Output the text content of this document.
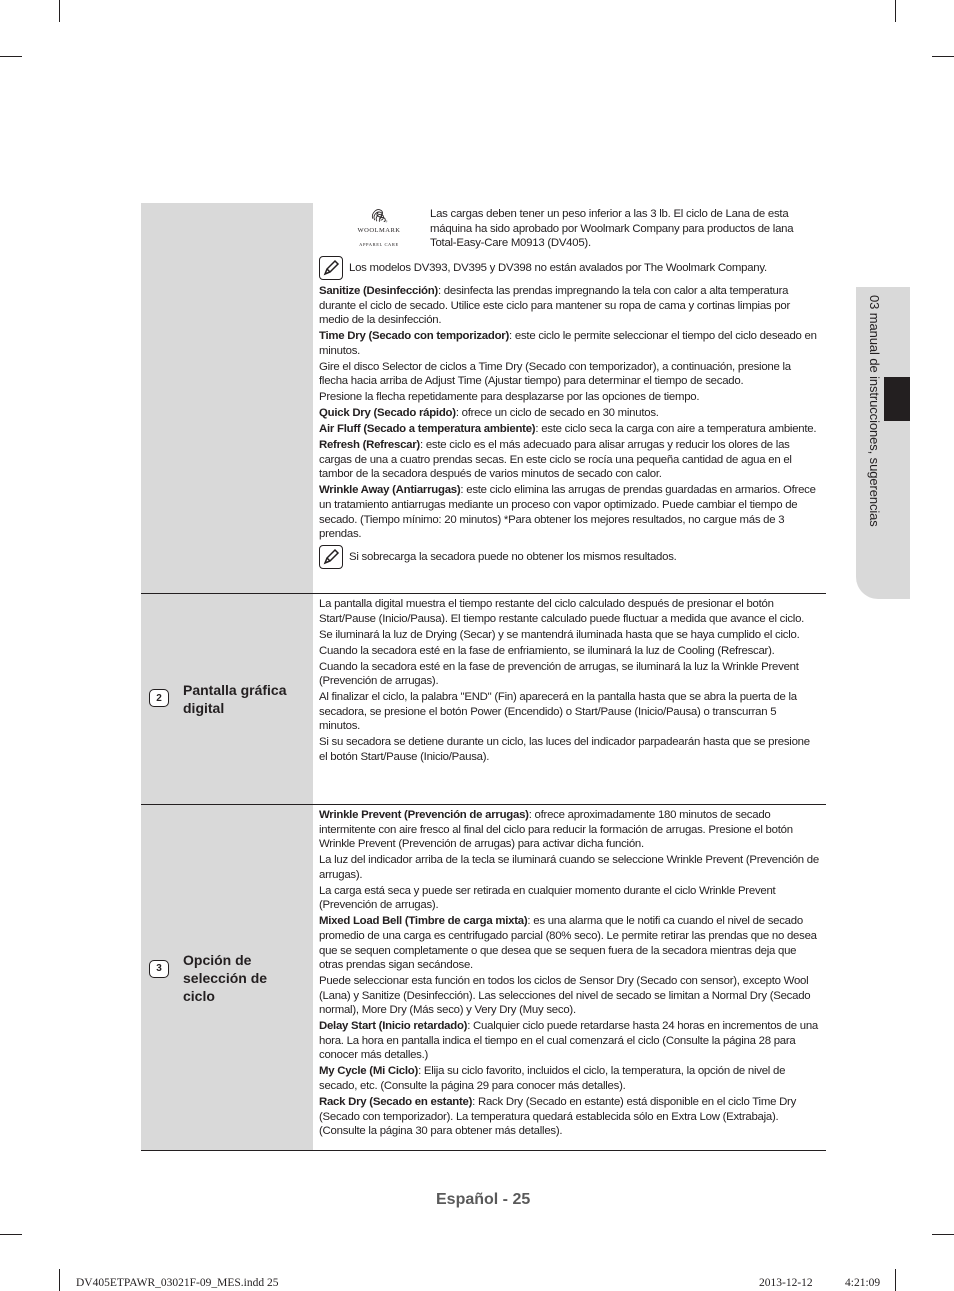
03 manual de instrucciones, sugerencias
®
WOOLMARK
APPAREL CARE
Las cargas deben tener un peso inferior a las 3 lb. El ciclo de Lana de esta máquina ha sido aprobado por Woolmark Company para productos de lana Total-Easy-Care M0913 (DV405).
Los modelos DV393, DV395 y DV398 no están avalados por The Woolmark Company.

Sanitize (Desinfección): desinfecta las prendas impregnando la tela con calor a alta temperatura durante el ciclo de secado. Utilice este ciclo para mantener su ropa de cama y cortinas limpias por medio de la desinfección.

Time Dry (Secado con temporizador): este ciclo le permite seleccionar el tiempo del ciclo deseado en minutos.

Gire el disco Selector de ciclos a Time Dry (Secado con temporizador), a continuación, presione la flecha hacia arriba de Adjust Time (Ajustar tiempo) para determinar el tiempo de secado.

Presione la flecha repetidamente para desplazarse por las opciones de tiempo.

Quick Dry (Secado rápido): ofrece un ciclo de secado en 30 minutos.

Air Fluff (Secado a temperatura ambiente): este ciclo seca la carga con aire a temperatura ambiente.

Refresh (Refrescar): este ciclo es el más adecuado para alisar arrugas y reducir los olores de las cargas de una a cuatro prendas secas. En este ciclo se rocía una pequeña cantidad de agua en el tambor de la secadora después de varios minutos de secado con calor.

Wrinkle Away (Antiarrugas): este ciclo elimina las arrugas de prendas guardadas en armarios. Ofrece un tratamiento antiarrugas mediante un proceso con vapor optimizado. Puede cambiar el tiempo de secado. (Tiempo mínimo: 20 minutos) *Para obtener los mejores resultados, no cargue más de 3 prendas.

Si sobrecarga la secadora puede no obtener los mismos resultados.
2	Pantalla gráfica digital

La pantalla digital muestra el tiempo restante del ciclo calculado después de presionar el botón Start/Pause (Inicio/Pausa). El tiempo restante calculado puede fluctuar a medida que avance el ciclo.

Se iluminará la luz de Drying (Secar) y se mantendrá iluminada hasta que se haya cumplido el ciclo.

Cuando la secadora esté en la fase de enfriamiento, se iluminará la luz de Cooling (Refrescar).

Cuando la secadora esté en la fase de prevención de arrugas, se iluminará la luz la Wrinkle Prevent (Prevención de arrugas).

Al finalizar el ciclo, la palabra "END" (Fin) aparecerá en la pantalla hasta que se abra la puerta de la secadora, se presione el botón Power (Encendido) o Start/Pause (Inicio/Pausa) o transcurran 5 minutos.

Si su secadora se detiene durante un ciclo, las luces del indicador parpadearán hasta que se presione el botón Start/Pause (Inicio/Pausa).

3
Opción de selección de ciclo

Wrinkle Prevent (Prevención de arrugas): ofrece aproximadamente 180 minutos de secado intermitente con aire fresco al final del ciclo para reducir la formación de arrugas. Presione el botón Wrinkle Prevent (Prevención de arrugas) para activar dicha función.

La luz del indicador arriba de la tecla se iluminará cuando se seleccione Wrinkle Prevent (Prevención de arrugas).

La carga está seca y puede ser retirada en cualquier momento durante el ciclo Wrinkle Prevent (Prevención de arrugas).

Mixed Load Bell (Timbre de carga mixta): es una alarma que le notifi ca cuando el nivel de secado promedio de una carga es centrifugado parcial (80% seco). Le permite retirar las prendas que no desea que se sequen completamente o que desea que se sequen fuera de la secadora mientras deja que otras prendas sigan secándose.

Puede seleccionar esta función en todos los ciclos de Sensor Dry (Secado con sensor), excepto Wool (Lana) y Sanitize (Desinfección). Las selecciones del nivel de secado se limitan a Normal Dry (Secado normal), More Dry (Más seco) y Very Dry (Muy seco).

Delay Start (Inicio retardado): Cualquier ciclo puede retardarse hasta 24 horas en incrementos de una hora. La hora en pantalla indica el tiempo en el cual comenzará el ciclo (Consulte la página 28 para conocer más detalles.)

My Cycle (Mi Ciclo): Elija su ciclo favorito, incluidos el ciclo, la temperatura, la opción de nivel de secado, etc. (Consulte la página 29 para conocer más detalles).

Rack Dry (Secado en estante): Rack Dry (Secado en estante) está disponible en el ciclo Time Dry (Secado con temporizador). La temperatura quedará establecida sólo en Extra Low (Extrabaja). (Consulte la página 30 para obtener más detalles).

Español - 25
DV405ETPAWR_03021F-09_MES.indd 25	2013-12-12	4:21:09
